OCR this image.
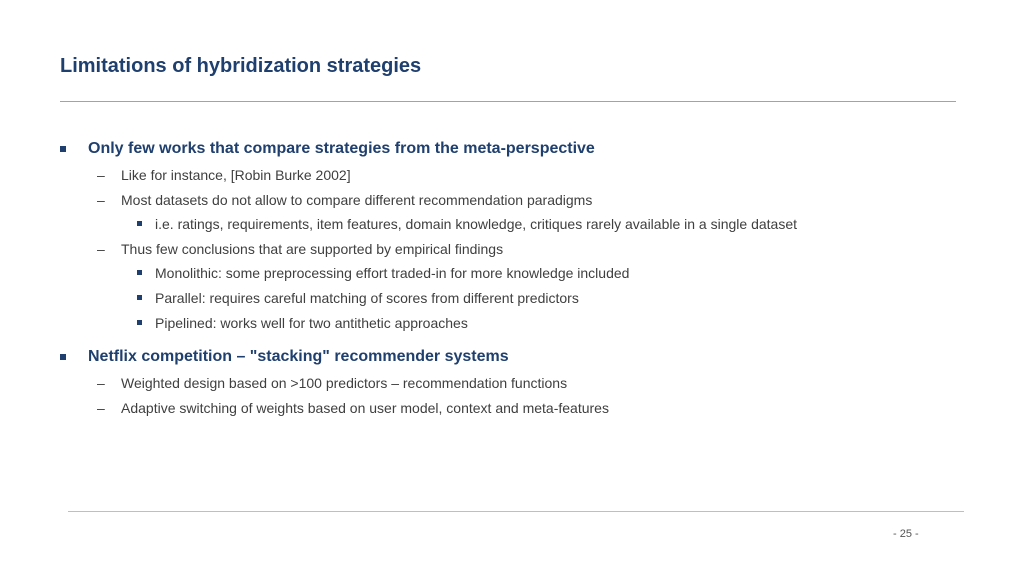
Limitations of hybridization strategies
Only few works that compare strategies from the meta-perspective
– Like for instance, [Robin Burke 2002]
– Most datasets do not allow to compare different recommendation paradigms
i.e. ratings, requirements, item features, domain knowledge, critiques rarely available in a single dataset
– Thus few conclusions that are supported by empirical findings
Monolithic: some preprocessing effort traded-in for more knowledge included
Parallel: requires careful matching of scores from different predictors
Pipelined: works well for two antithetic approaches
Netflix competition – "stacking" recommender systems
– Weighted design based on >100 predictors – recommendation functions
– Adaptive switching of weights based on user model, context and meta-features
- 25 -
